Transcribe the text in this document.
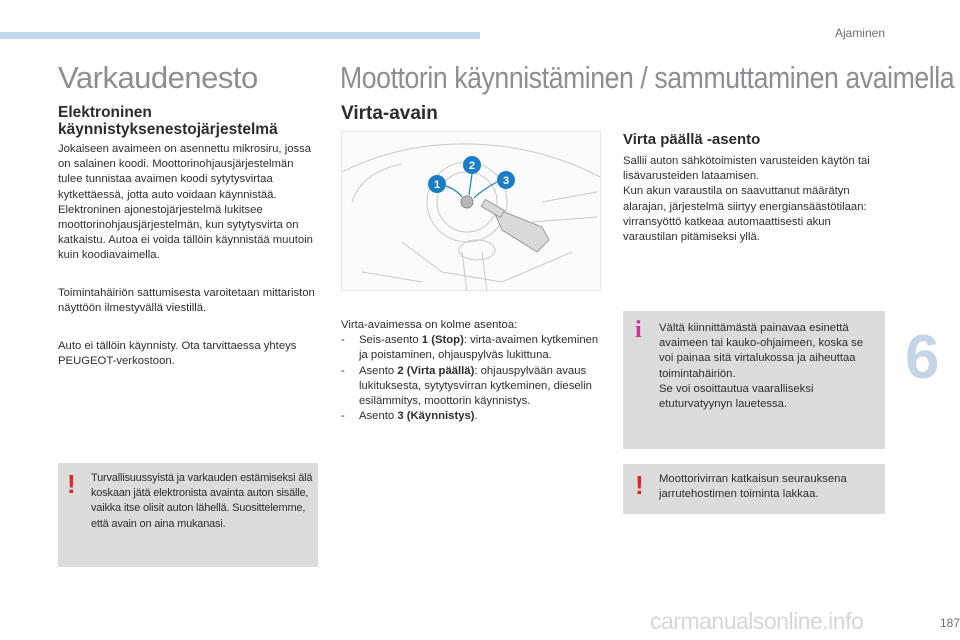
Ajaminen
Varkaudenesto
Elektroninen käynnistyksenestojärjestelmä

Jokaiseen avaimeen on asennettu mikrosiru, jossa on salainen koodi. Moottorinohjausjärjestelmän tulee tunnistaa avaimen koodi sytytysvirtaa kytkettäessä, jotta auto voidaan käynnistää.

Elektroninen ajonestojärjestelmä lukitsee moottorinohjausjärjestelmän, kun sytytysvirta on katkaistu. Autoa ei voida tällöin käynnistää muutoin kuin koodiavaimella.

Toimintahäiriön sattumisesta varoitetaan mittariston näyttöön ilmestyvällä viestillä.
Auto ei tällöin käynnisty. Ota tarvittaessa yhteys PEUGEOT-verkostoon.
! Turvallisuussyistä ja varkauden estämiseksi älä koskaan jätä elektronista avainta auton sisälle, vaikka itse olisit auton lähellä. Suosittelemme, että avain on aina mukanasi.
Moottorin käynnistäminen / sammuttaminen avaimella
Virta-avain
1
2
3

Virta-avaimessa on kolme asentoa:

- Seis-asento 1 (Stop): virta-avaimen kytkeminen ja poistaminen, ohjauspylväs lukittuna.
- Asento 2 (Virta päällä): ohjauspylvään avaus lukituksesta, sytytysvirran kytkeminen, dieselin esilämmitys, moottorin käynnistys.
- Asento 3 (Käynnistys).
Virta päällä -asento

Sallii auton sähkötoimisten varusteiden käytön tai lisävarusteiden lataamisen.

Kun akun varaustila on saavuttanut määrätyn alarajan, järjestelmä siirtyy energiansäästötilaan: virransyöttö katkeaa automaattisesti akun varaustilan pitämiseksi yllä.

i Vältä kiinnittämästä painavaa esinettä avaimeen tai kauko-ohjaimeen, koska se voi painaa sitä virtalukossa ja aiheuttaa toimintahäiriön.

Se voi osoittautua vaaralliseksi etuturvatyynyn lauetessa.

! Moottorivirran katkaisun seurauksena jarrutehostimen toiminta lakkaa.
6
carmanualsonline.info	187
